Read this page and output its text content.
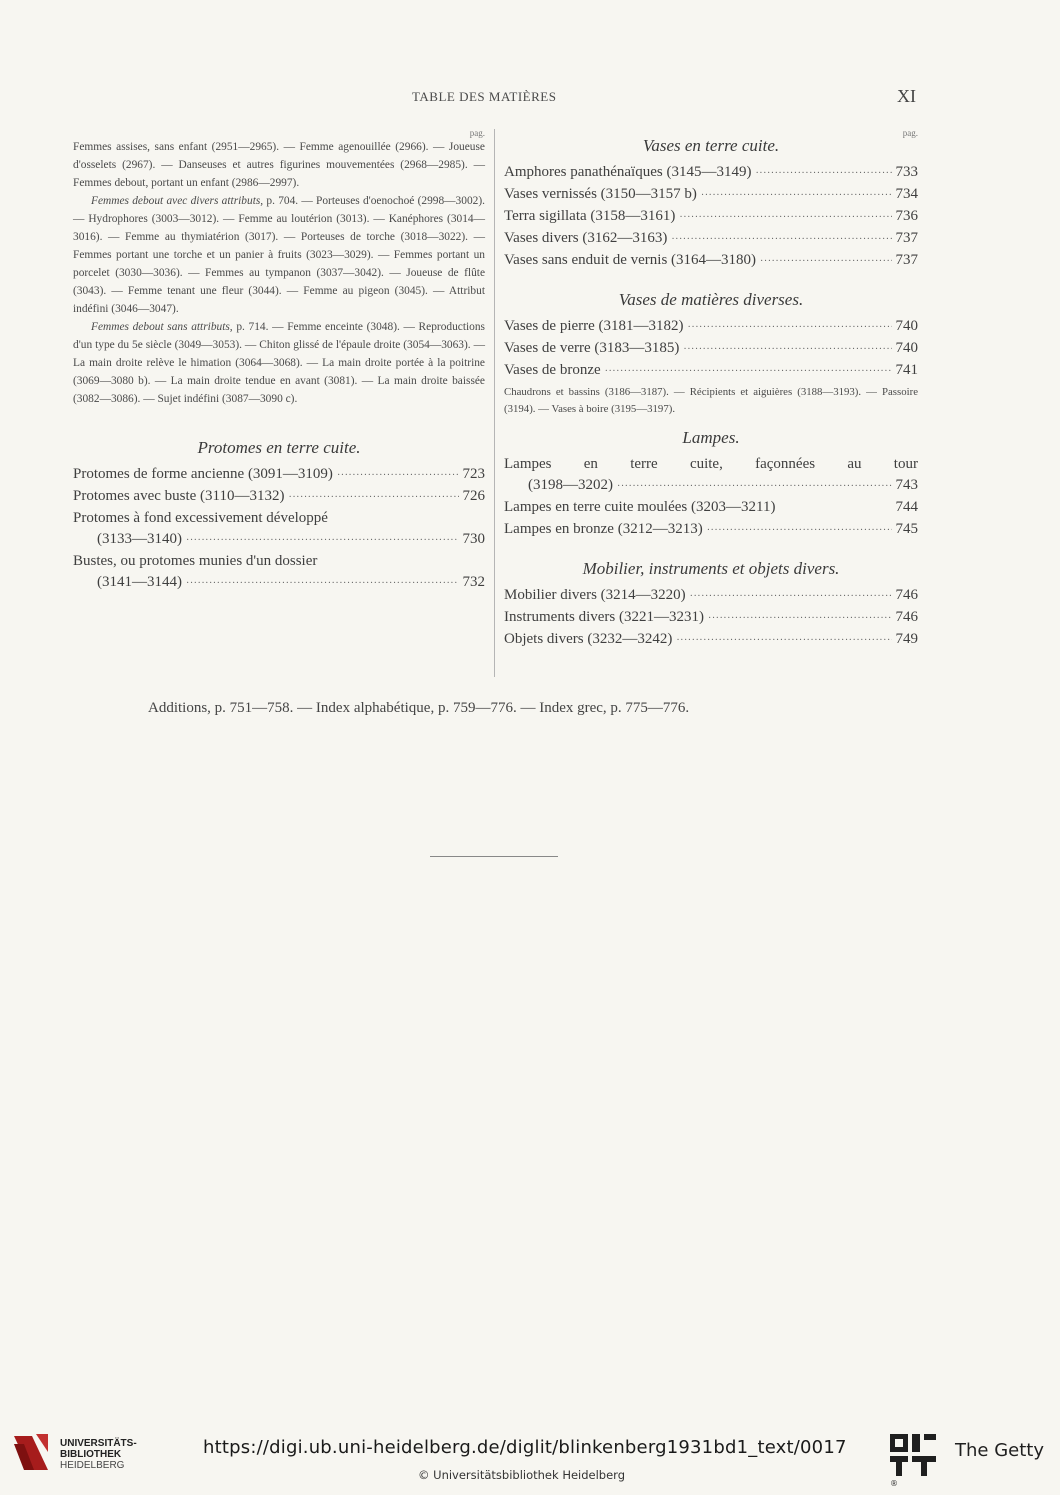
TABLE DES MATIÈRES	XI
pag.

Femmes assises, sans enfant (2951—2965). — Femme agenouillée (2966). — Joueuse d'osselets (2967). — Danseuses et autres figurines mouvementées (2968—2985). — Femmes debout, portant un enfant (2986—2997).

Femmes debout avec divers attributs, p. 704. — Porteuses d'oenochoé (2998—3002). — Hydrophores (3003—3012). — Femme au loutérion (3013). — Kanéphores (3014—3016). — Femme au thymiatérion (3017). — Porteuses de torche (3018—3022). — Femmes portant une torche et un panier à fruits (3023—3029). — Femmes portant un porcelet (3030—3036). — Femmes au tympanon (3037—3042). — Joueuse de flûte (3043). — Femme tenant une fleur (3044). — Femme au pigeon (3045). — Attribut indéfini (3046—3047).

Femmes debout sans attributs, p. 714. — Femme enceinte (3048). — Reproductions d'un type du 5e siècle (3049—3053). — Chiton glissé de l'épaule droite (3054—3063). — La main droite relève le himation (3064—3068). — La main droite portée à la poitrine (3069—3080 b). — La main droite tendue en avant (3081). — La main droite baissée (3082—3086). — Sujet indéfini (3087—3090 c).

Protomes en terre cuite.
Protomes de forme ancienne (3091—3109) · · ·	723
Protomes avec buste (3110—3132) · · ·	726
Protomes à fond excessivement développé
(3133—3140) · · ·	730
Bustes, ou protomes munies d'un dossier
(3141—3144) · · ·	732
pag.
Vases en terre cuite.
Amphores panathénaïques (3145—3149) · · ·	733
Vases vernissés (3150—3157 b) · · ·	734
Terra sigillata (3158—3161) · · ·	736
Vases divers (3162—3163) · · ·	737
Vases sans enduit de vernis (3164—3180) · · ·	737
Vases de matières diverses.
Vases de pierre (3181—3182) · · ·	740
Vases de verre (3183—3185) · · ·	740
Vases de bronze · · ·	741

Chaudrons et bassins (3186—3187). — Récipients et aiguières (3188—3193). — Passoire (3194). — Vases à boire (3195—3197).

Lampes.
Lampes en terre cuite, façonnées au tour
(3198—3202) · · ·	743
Lampes en terre cuite moulées (3203—3211)	744
Lampes en bronze (3212—3213) · · ·	745
Mobilier, instruments et objets divers.
Mobilier divers (3214—3220) · · ·	746
Instruments divers (3221—3231) · · ·	746
Objets divers (3232—3242) · · ·	749
Additions, p. 751—758. — Index alphabétique, p. 759—776. — Index grec, p. 775—776.
UNIVERSITÄTS-
BIBLIOTHEK
HEIDELBERG
https://digi.ub.uni-heidelberg.de/diglit/blinkenberg1931bd1_text/0017
© Universitätsbibliothek Heidelberg
The Getty
®
